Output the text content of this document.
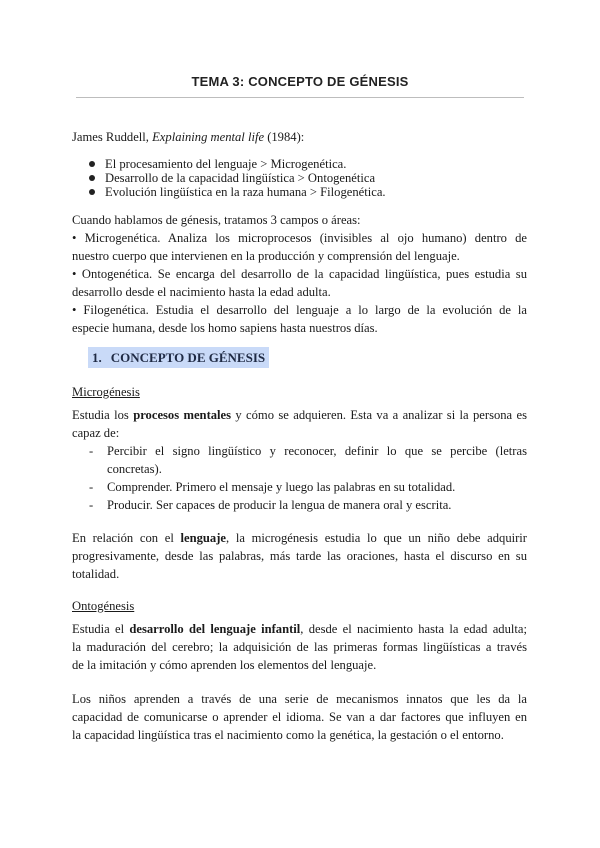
TEMA 3: CONCEPTO DE GÉNESIS
James Ruddell, Explaining mental life (1984):
El procesamiento del lenguaje > Microgenética.
Desarrollo de la capacidad lingüística > Ontogenética
Evolución lingüística en la raza humana > Filogenética.
Cuando hablamos de génesis, tratamos 3 campos o áreas:
• Microgenética. Analiza los microprocesos (invisibles al ojo humano) dentro de
nuestro cuerpo que intervienen en la producción y comprensión del lenguaje.
• Ontogenética. Se encarga del desarrollo de la capacidad lingüística, pues estudia su
desarrollo desde el nacimiento hasta la edad adulta.
• Filogenética. Estudia el desarrollo del lenguaje a lo largo de la evolución de la
especie humana, desde los homo sapiens hasta nuestros días.
1. CONCEPTO DE GÉNESIS
Microgénesis
Estudia los procesos mentales y cómo se adquieren. Esta va a analizar si la persona es
capaz de:
- Percibir el signo lingüístico y reconocer, definir lo que se percibe (letras
concretas).
- Comprender. Primero el mensaje y luego las palabras en su totalidad.
- Producir. Ser capaces de producir la lengua de manera oral y escrita.
En relación con el lenguaje, la microgénesis estudia lo que un niño debe adquirir
progresivamente, desde las palabras, más tarde las oraciones, hasta el discurso en su
totalidad.
Ontogénesis
Estudia el desarrollo del lenguaje infantil, desde el nacimiento hasta la edad adulta;
la maduración del cerebro; la adquisición de las primeras formas lingüísticas a través
de la imitación y cómo aprenden los elementos del lenguaje.
Los niños aprenden a través de una serie de mecanismos innatos que les da la
capacidad de comunicarse o aprender el idioma. Se van a dar factores que influyen en
la capacidad lingüística tras el nacimiento como la genética, la gestación o el entorno.
